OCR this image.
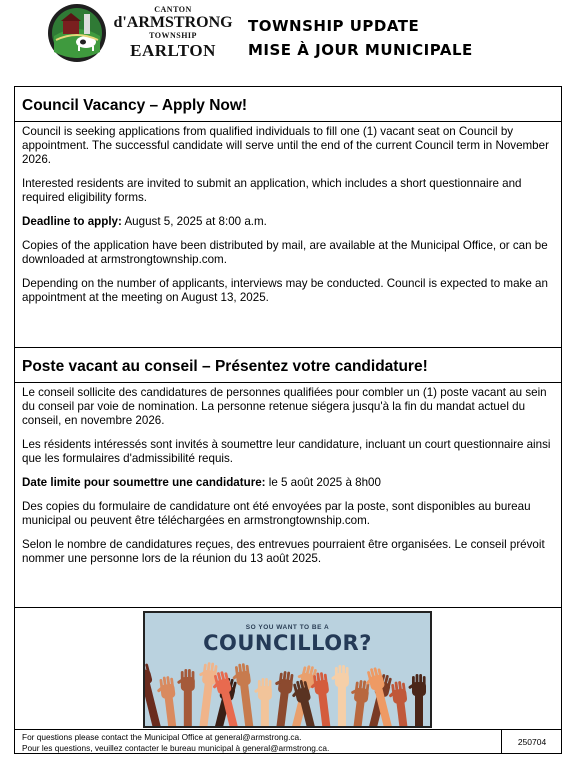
CANTON
d'ARMSTRONG
TOWNSHIP
EARLTON
TOWNSHIP UPDATE
MISE À JOUR MUNICIPALE
Council Vacancy – Apply Now!

Council is seeking applications from qualified individuals to fill one (1) vacant seat on Council by appointment. The successful candidate will serve until the end of the current Council term in November 2026.

Interested residents are invited to submit an application, which includes a short questionnaire and required eligibility forms.

Deadline to apply: August 5, 2025 at 8:00 a.m.

Copies of the application have been distributed by mail, are available at the Municipal Office, or can be downloaded at armstrongtownship.com.

Depending on the number of applicants, interviews may be conducted. Council is expected to make an appointment at the meeting on August 13, 2025.

Poste vacant au conseil – Présentez votre candidature!

Le conseil sollicite des candidatures de personnes qualifiées pour combler un (1) poste vacant au sein du conseil par voie de nomination. La personne retenue siégera jusqu'à la fin du mandat actuel du conseil, en novembre 2026.

Les résidents intéressés sont invités à soumettre leur candidature, incluant un court questionnaire ainsi que les formulaires d'admissibilité requis.

Date limite pour soumettre une candidature: le 5 août 2025 à 8h00

Des copies du formulaire de candidature ont été envoyées par la poste, sont disponibles au bureau municipal ou peuvent être téléchargées en armstrongtownship.com.

Selon le nombre de candidatures reçues, des entrevues pourraient être organisées. Le conseil prévoit nommer une personne lors de la réunion du 13 août 2025.

SO YOU WANT TO BE A
COUNCILLOR?
For questions please contact the Municipal Office at general@armstrong.ca.
Pour les questions, veuillez contacter le bureau municipal à general@armstrong.ca.
250704
